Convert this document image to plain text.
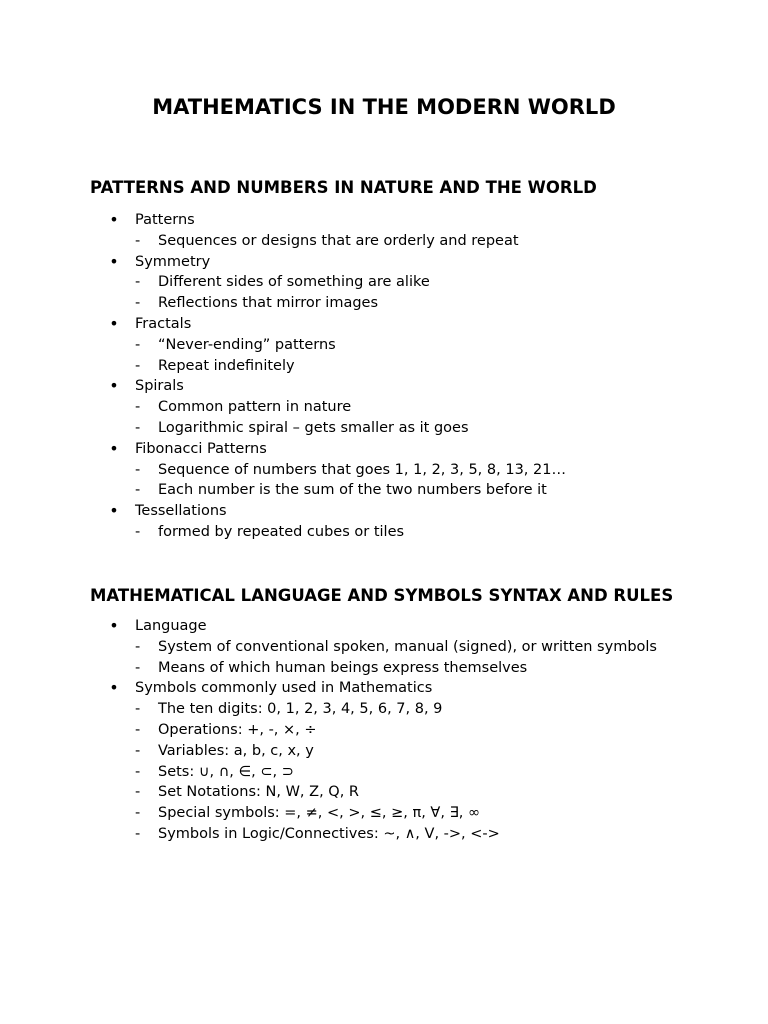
MATHEMATICS IN THE MODERN WORLD
PATTERNS AND NUMBERS IN NATURE AND THE WORLD
•	Patterns
-	Sequences or designs that are orderly and repeat
•	Symmetry
-	Different sides of something are alike
-	Reflections that mirror images
•	Fractals
-	“Never-ending” patterns
-	Repeat indefinitely
•	Spirals
-	Common pattern in nature
-	Logarithmic spiral – gets smaller as it goes
•	Fibonacci Patterns
-	Sequence of numbers that goes 1, 1, 2, 3, 5, 8, 13, 21…
-	Each number is the sum of the two numbers before it
•	Tessellations
-	formed by repeated cubes or tiles
MATHEMATICAL LANGUAGE AND SYMBOLS SYNTAX AND RULES
•	Language
-	System of conventional spoken, manual (signed), or written symbols
-	Means of which human beings express themselves
•	Symbols commonly used in Mathematics
-	The ten digits: 0, 1, 2, 3, 4, 5, 6, 7, 8, 9
-	Operations: +, -, ×, ÷
-	Variables: a, b, c, x, y
-	Sets: ∪, ∩, ∈, ⊂, ⊃
-	Set Notations: N, W, Z, Q, R
-	Special symbols: =, ≠, <, >, ≤, ≥, π, ∀, ∃, ∞
-	Symbols in Logic/Connectives: ~, ∧, V, ->, <->
